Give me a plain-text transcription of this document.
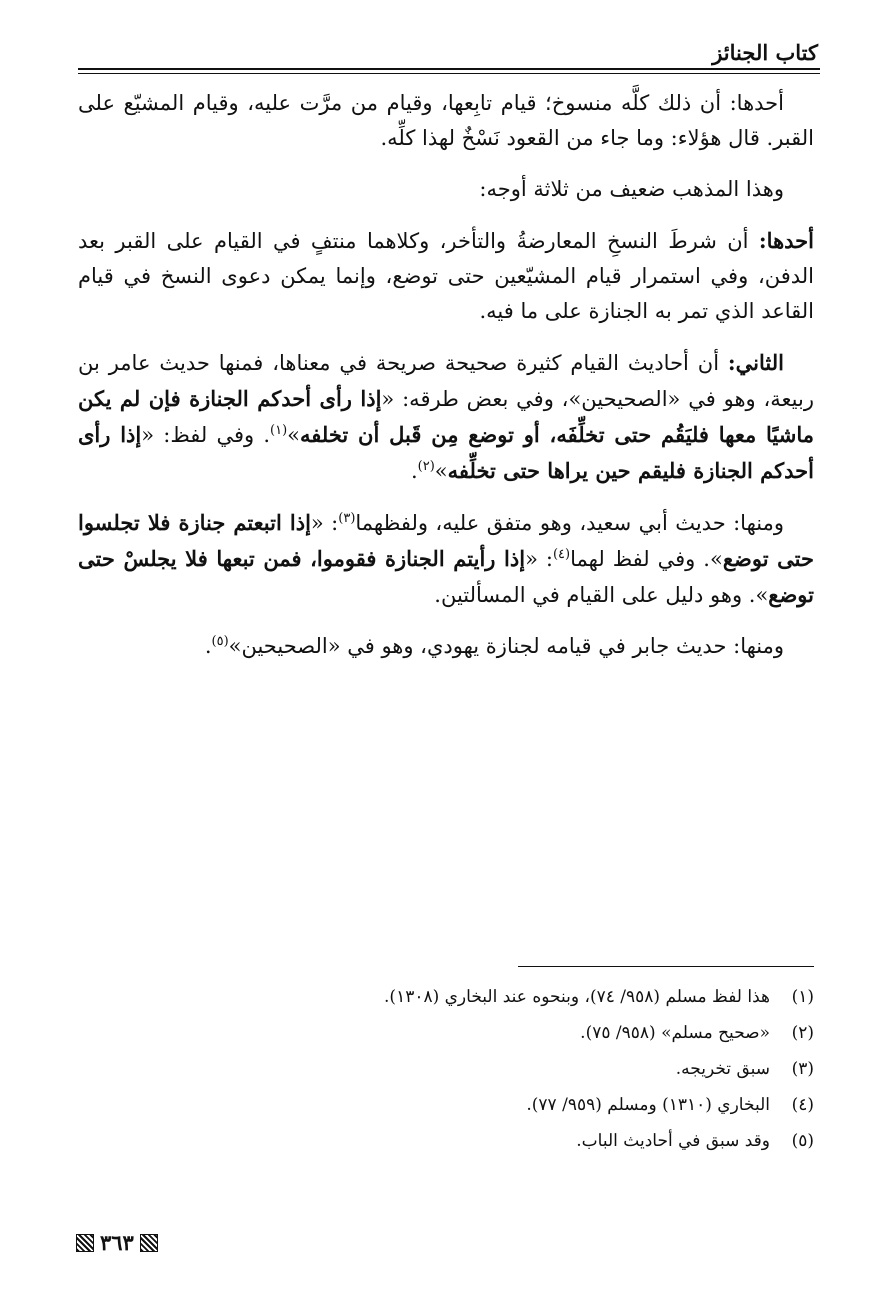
كتاب الجنائز

أحدها: أن ذلك كلَّه منسوخ؛ قيام تابِعها، وقيام من مرَّت عليه، وقيام المشيّع على القبر. قال هؤلاء: وما جاء من القعود نَسْخٌ لهذا كلِّه.

وهذا المذهب ضعيف من ثلاثة أوجه:

أحدها: أن شرطَ النسخِ المعارضةُ والتأخر، وكلاهما منتفٍ في القيام على القبر بعد الدفن، وفي استمرار قيام المشيّعين حتى توضع، وإنما يمكن دعوى النسخ في قيام القاعد الذي تمر به الجنازة على ما فيه.

الثاني: أن أحاديث القيام كثيرة صحيحة صريحة في معناها، فمنها حديث عامر بن ربيعة، وهو في «الصحيحين»، وفي بعض طرقه: «إذا رأى أحدكم الجنازة فإن لم يكن ماشيًا معها فليَقُم حتى تخلِّفَه، أو توضع مِن قَبل أن تخلفه»$^{(١)}$. وفي لفظ: «إذا رأى أحدكم الجنازة فليقم حين يراها حتى تخلِّفه»$^{(٢)}$.

ومنها: حديث أبي سعيد، وهو متفق عليه، ولفظهما$^{(٣)}$: «إذا اتبعتم جنازة فلا تجلسوا حتى توضع». وفي لفظ لهما$^{(٤)}$: «إذا رأيتم الجنازة فقوموا، فمن تبعها فلا يجلسْ حتى توضع». وهو دليل على القيام في المسألتين.

ومنها: حديث جابر في قيامه لجنازة يهودي، وهو في «الصحيحين»$^{(٥)}$.

(١)
هذا لفظ مسلم (٩٥٨/ ٧٤)، وبنحوه عند البخاري (١٣٠٨).
(٢)
«صحيح مسلم» (٩٥٨/ ٧٥).
(٣)
سبق تخريجه.
(٤)
البخاري (١٣١٠) ومسلم (٩٥٩/ ٧٧).
(٥)
وقد سبق في أحاديث الباب.
٣٦٣
